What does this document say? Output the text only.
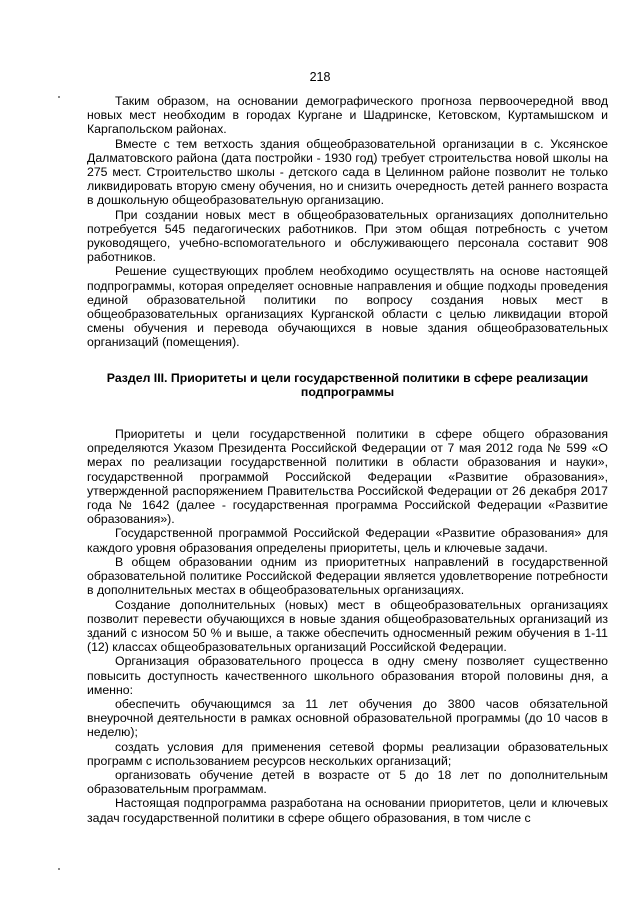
218

Таким образом, на основании демографического прогноза первоочередной ввод новых мест необходим в городах Кургане и Шадринске, Кетовском, Куртамышском и Каргапольском районах.

Вместе с тем ветхость здания общеобразовательной организации в с. Уксянское Далматовского района (дата постройки - 1930 год) требует строительства новой школы на 275 мест. Строительство школы - детского сада в Целинном районе позволит не только ликвидировать вторую смену обучения, но и снизить очередность детей раннего возраста в дошкольную общеобразовательную организацию.

При создании новых мест в общеобразовательных организациях дополнительно потребуется 545 педагогических работников. При этом общая потребность с учетом руководящего, учебно-вспомогательного и обслуживающего персонала составит 908 работников.

Решение существующих проблем необходимо осуществлять на основе настоящей подпрограммы, которая определяет основные направления и общие подходы проведения единой образовательной политики по вопросу создания новых мест в общеобразовательных организациях Курганской области с целью ликвидации второй смены обучения и перевода обучающихся в новые здания общеобразовательных организаций (помещения).

Раздел III. Приоритеты и цели государственной политики в сфере реализации подпрограммы

Приоритеты и цели государственной политики в сфере общего образования определяются Указом Президента Российской Федерации от 7 мая 2012 года № 599 «О мерах по реализации государственной политики в области образования и науки», государственной программой Российской Федерации «Развитие образования», утвержденной распоряжением Правительства Российской Федерации от 26 декабря 2017 года № 1642 (далее - государственная программа Российской Федерации «Развитие образования»).

Государственной программой Российской Федерации «Развитие образования» для каждого уровня образования определены приоритеты, цель и ключевые задачи.

В общем образовании одним из приоритетных направлений в государственной образовательной политике Российской Федерации является удовлетворение потребности в дополнительных местах в общеобразовательных организациях.

Создание дополнительных (новых) мест в общеобразовательных организациях позволит перевести обучающихся в новые здания общеобразовательных организаций из зданий с износом 50 % и выше, а также обеспечить односменный режим обучения в 1-11 (12) классах общеобразовательных организаций Российской Федерации.

Организация образовательного процесса в одну смену позволяет существенно повысить доступность качественного школьного образования второй половины дня, а именно:

обеспечить обучающимся за 11 лет обучения до 3800 часов обязательной внеурочной деятельности в рамках основной образовательной программы (до 10 часов в неделю);

создать условия для применения сетевой формы реализации образовательных программ с использованием ресурсов нескольких организаций;

организовать обучение детей в возрасте от 5 до 18 лет по дополнительным образовательным программам.

Настоящая подпрограмма разработана на основании приоритетов, цели и ключевых задач государственной политики в сфере общего образования, в том числе с
